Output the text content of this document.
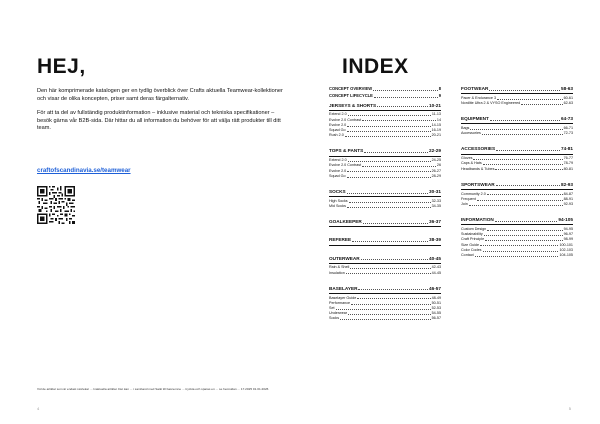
HEJ,

Den här komprimerade katalogen ger en tydlig överblick över Crafts aktuella Teamwear-kollektioner och visar de olika koncepten, priser samt deras färgalternativ.

För att ta del av fullständig produktinformation – inklusive material och tekniska specifikationer – besök gärna vår B2B-sida. Där hittar du all information du behöver för att välja rätt produkter till ditt team.

craftofscandinavia.se/teamwear
Vid de artiklar som är endast storlekar ... Inaktuella artiklar. Det kan ... i samband med Saiki till basnemne ... tryckta och sparas en ... se hemsidan ... 17.2025 01.01.2026
4
INDEX
CONCEPT OVERVIEW	8
CONCEPT LIFECYCLE	9
JERSEYS & SHORTS	10-21
Extend 2.0	11-13
Evolve 2.0 Contrast	14
Evolve 2.0	14-15
Squad Go	16-19
Rush 2.0	20-21
TOPS & PANTS	22-29
Extend 2.0	24-25
Evolve 2.0 Contrast	26
Evolve 2.0	26-27
Squad Go	28-29
SOCKS	30-31
High Socks	32-33
Mid Socks	34-35
GOALKEEPER	36-37
REFEREE	38-39
OUTERWEAR	40-45
Rain & Shell	42-43
Insulation	44-45
BASELAYER	46-57
Baselayer Guide	48-49
Performance	50-51
Set	52-53
Underwear	54-55
Socks	56-57
FOOTWEAR	58-63
Pacer & Endurance 3	60-61
Nordlite Ultra 2 & VYSO Engineered	62-63
EQUIPMENT	64-73
Bags	66-71
Accessories	72-73
ACCESSORIES	74-81
Gloves	76-77
Caps & Hats	78-79
Headbands & Tubes	80-81
SPORTSWEAR	82-93
Community 2.0	84-87
Frequent	88-91
Join	92-93
INFORMATION	94-105
Custom Design	94-95
Sustainability	96-97
Craft Principle	98-99
Size Guide	100-101
Color Codes	102-103
Contact	104-105
5
